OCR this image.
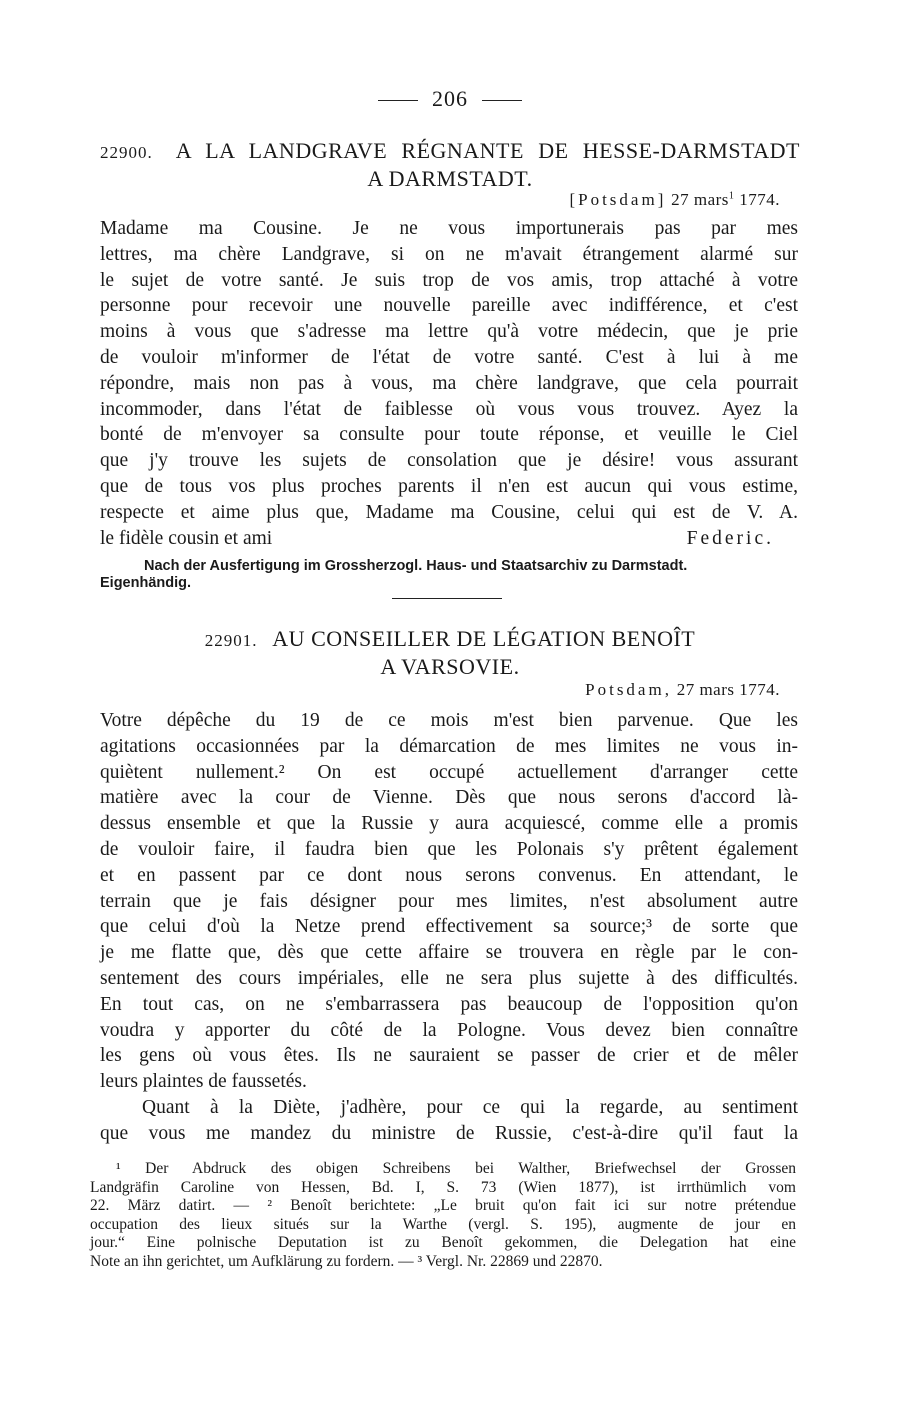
206
22900. A LA LANDGRAVE RÉGNANTE DE HESSE-DARMSTADT
A DARMSTADT.
[Potsdam] 27 mars$^1$ 1774.
Madame ma Cousine. Je ne vous importunerais pas par mes
lettres, ma chère Landgrave, si on ne m'avait étrangement alarmé sur
le sujet de votre santé. Je suis trop de vos amis, trop attaché à votre
personne pour recevoir une nouvelle pareille avec indifférence, et c'est
moins à vous que s'adresse ma lettre qu'à votre médecin, que je prie
de vouloir m'informer de l'état de votre santé. C'est à lui à me
répondre, mais non pas à vous, ma chère landgrave, que cela pourrait
incommoder, dans l'état de faiblesse où vous vous trouvez. Ayez la
bonté de m'envoyer sa consulte pour toute réponse, et veuille le Ciel
que j'y trouve les sujets de consolation que je désire! vous assurant
que de tous vos plus proches parents il n'en est aucun qui vous estime,
respecte et aime plus que, Madame ma Cousine, celui qui est de V. A.
le fidèle cousin et ami	Federic.
Nach der Ausfertigung im Grossherzogl. Haus- und Staatsarchiv zu Darmstadt.
Eigenhändig.
22901. AU CONSEILLER DE LÉGATION BENOÎT
A VARSOVIE.
Potsdam, 27 mars 1774.
Votre dépêche du 19 de ce mois m'est bien parvenue. Que les
agitations occasionnées par la démarcation de mes limites ne vous in-
quiètent nullement.² On est occupé actuellement d'arranger cette
matière avec la cour de Vienne. Dès que nous serons d'accord là-
dessus ensemble et que la Russie y aura acquiescé, comme elle a promis
de vouloir faire, il faudra bien que les Polonais s'y prêtent également
et en passent par ce dont nous serons convenus. En attendant, le
terrain que je fais désigner pour mes limites, n'est absolument autre
que celui d'où la Netze prend effectivement sa source;³ de sorte que
je me flatte que, dès que cette affaire se trouvera en règle par le con-
sentement des cours impériales, elle ne sera plus sujette à des difficultés.
En tout cas, on ne s'embarrassera pas beaucoup de l'opposition qu'on
voudra y apporter du côté de la Pologne. Vous devez bien connaître
les gens où vous êtes. Ils ne sauraient se passer de crier et de mêler
leurs plaintes de faussetés.
Quant à la Diète, j'adhère, pour ce qui la regarde, au sentiment
que vous me mandez du ministre de Russie, c'est-à-dire qu'il faut la
¹ Der Abdruck des obigen Schreibens bei Walther, Briefwechsel der Grossen
Landgräfin Caroline von Hessen, Bd. I, S. 73 (Wien 1877), ist irrthümlich vom
22. März datirt. — ² Benoît berichtete: „Le bruit qu'on fait ici sur notre prétendue
occupation des lieux situés sur la Warthe (vergl. S. 195), augmente de jour en
jour.“ Eine polnische Deputation ist zu Benoît gekommen, die Delegation hat eine
Note an ihn gerichtet, um Aufklärung zu fordern. — ³ Vergl. Nr. 22869 und 22870.
